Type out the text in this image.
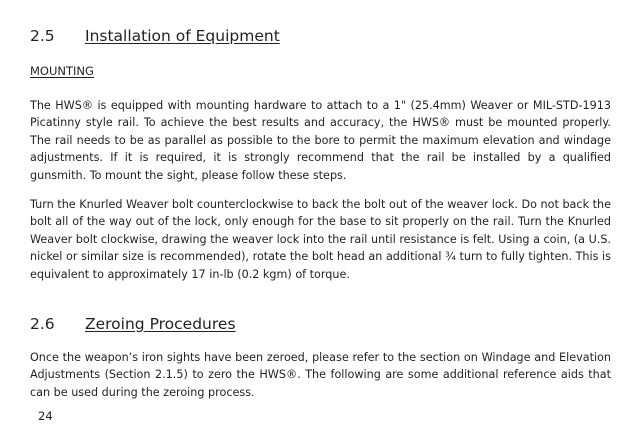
2.5 Installation of Equipment
MOUNTING

The HWS® is equipped with mounting hardware to attach to a 1" (25.4mm) Weaver or MIL-STD-1913 Picatinny style rail. To achieve the best results and accuracy, the HWS® must be mounted properly. The rail needs to be as parallel as possible to the bore to permit the maximum elevation and windage adjustments. If it is required, it is strongly recommend that the rail be installed by a qualified gunsmith. To mount the sight, please follow these steps.

Turn the Knurled Weaver bolt counterclockwise to back the bolt out of the weaver lock. Do not back the bolt all of the way out of the lock, only enough for the base to sit properly on the rail. Turn the Knurled Weaver bolt clockwise, drawing the weaver lock into the rail until resistance is felt. Using a coin, (a U.S. nickel or similar size is recommended), rotate the bolt head an additional ¾ turn to fully tighten. This is equivalent to approximately 17 in-lb (0.2 kgm) of torque.

2.6 Zeroing Procedures

Once the weapon’s iron sights have been zeroed, please refer to the section on Windage and Elevation Adjustments (Section 2.1.5) to zero the HWS®. The following are some additional reference aids that can be used during the zeroing process.

24
